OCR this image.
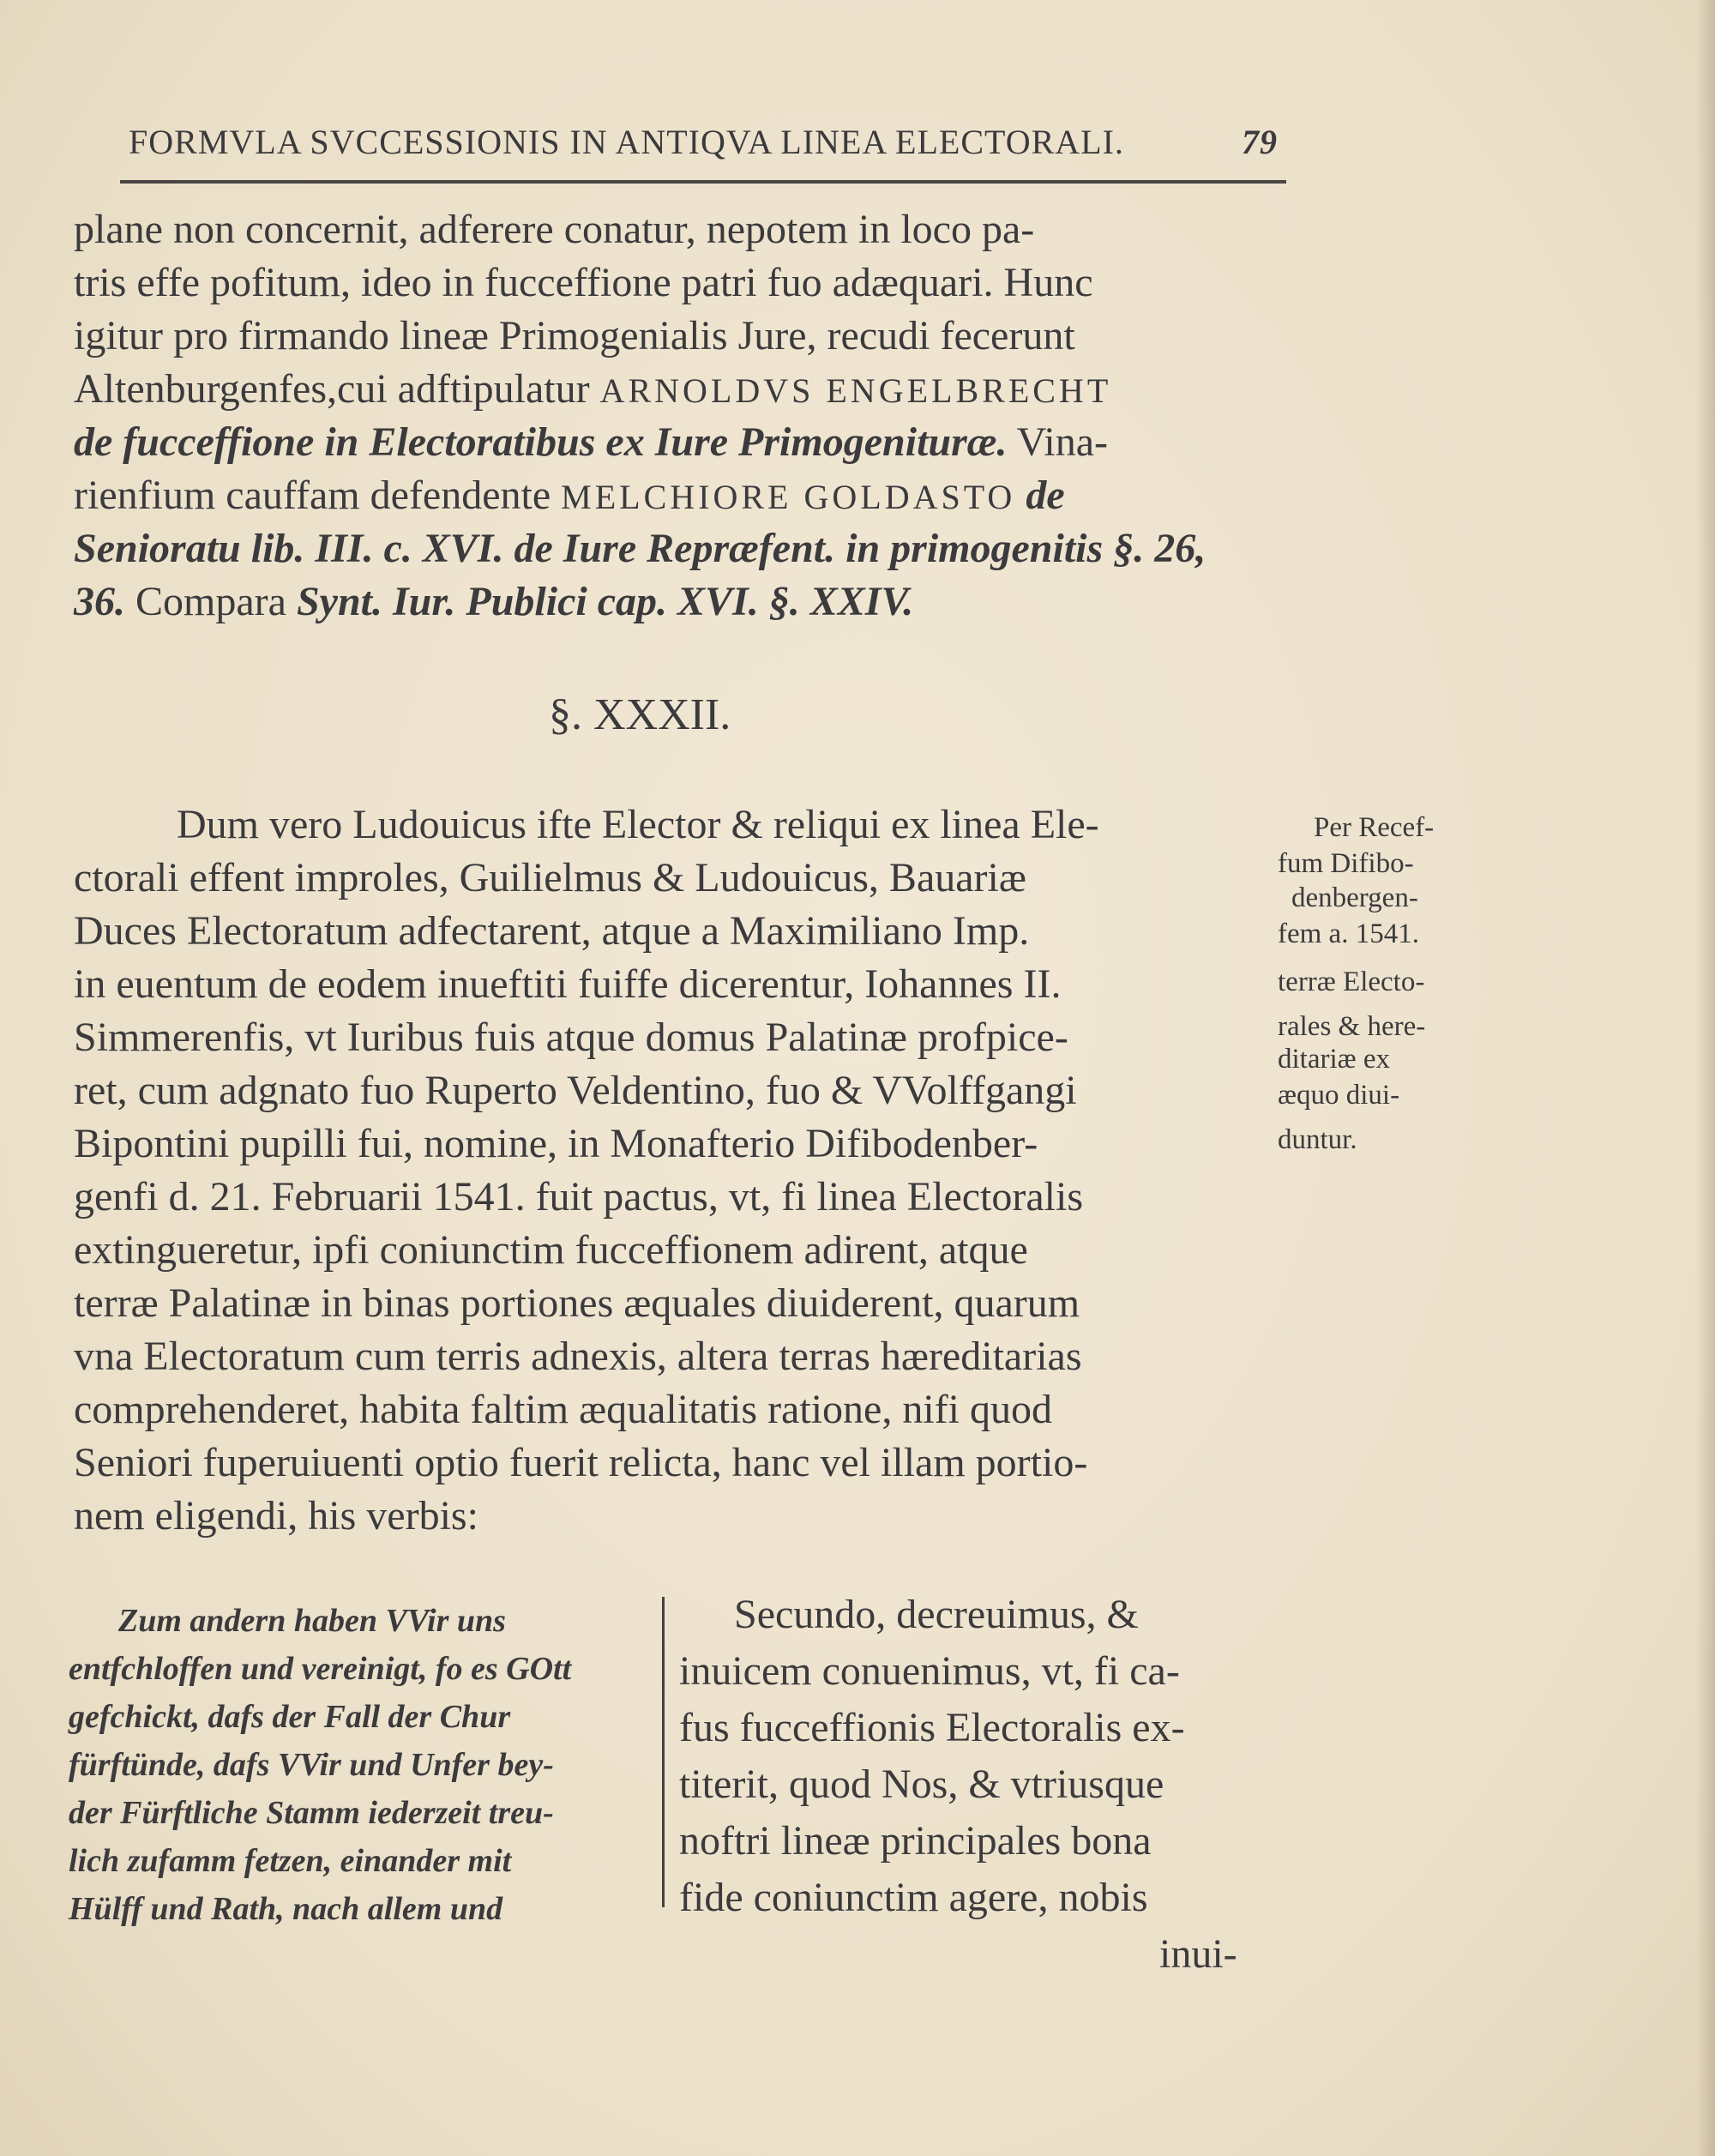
FORMVLA SVCCESSIONIS IN ANTIQVA LINEA ELECTORALI.	79
plane non concernit, adferere conatur, nepotem in loco pa-
tris effe pofitum, ideo in fucceffione patri fuo adæquari. Hunc
igitur pro firmando lineæ Primogenialis Jure, recudi fecerunt
Altenburgenfes,cui adftipulatur ARNOLDVS ENGELBRECHT
de fucceffione in Electoratibus ex Iure Primogenituræ. Vina-
rienfium cauffam defendente MELCHIORE GOLDASTO de
Senioratu lib. III. c. XVI. de Iure Repræfent. in primogenitis §. 26,
36. Compara Synt. Iur. Publici cap. XVI. §. XXIV.
§. XXXII.
Dum vero Ludouicus ifte Elector & reliqui ex linea Ele-
ctorali effent improles, Guilielmus & Ludouicus, Bauariæ
Duces Electoratum adfectarent, atque a Maximiliano Imp.
in euentum de eodem inueftiti fuiffe dicerentur, Iohannes II.
Simmerenfis, vt Iuribus fuis atque domus Palatinæ profpice-
ret, cum adgnato fuo Ruperto Veldentino, fuo & VVolffgangi
Bipontini pupilli fui, nomine, in Monafterio Difibodenber-
genfi d. 21. Februarii 1541. fuit pactus, vt, fi linea Electoralis
extingueretur, ipfi coniunctim fucceffionem adirent, atque
terræ Palatinæ in binas portiones æquales diuiderent, quarum
vna Electoratum cum terris adnexis, altera terras hæreditarias
comprehenderet, habita faltim æqualitatis ratione, nifi quod
Seniori fuperuiuenti optio fuerit relicta, hanc vel illam portio-
nem eligendi, his verbis:
Per Recef-
fum Difibo-
denbergen-
fem a. 1541.
terræ Electo-
rales & here-
ditariæ ex
æquo diui-
duntur.
Zum andern haben VVir uns
entfchloffen und vereinigt, fo es GOtt
gefchickt, dafs der Fall der Chur
fürftünde, dafs VVir und Unfer bey-
der Fürftliche Stamm iederzeit treu-
lich zufamm fetzen, einander mit
Hülff und Rath, nach allem und
Secundo, decreuimus, &
inuicem conuenimus, vt, fi ca-
fus fucceffionis Electoralis ex-
titerit, quod Nos, & vtriusque
noftri lineæ principales bona
fide coniunctim agere, nobis
inui-
